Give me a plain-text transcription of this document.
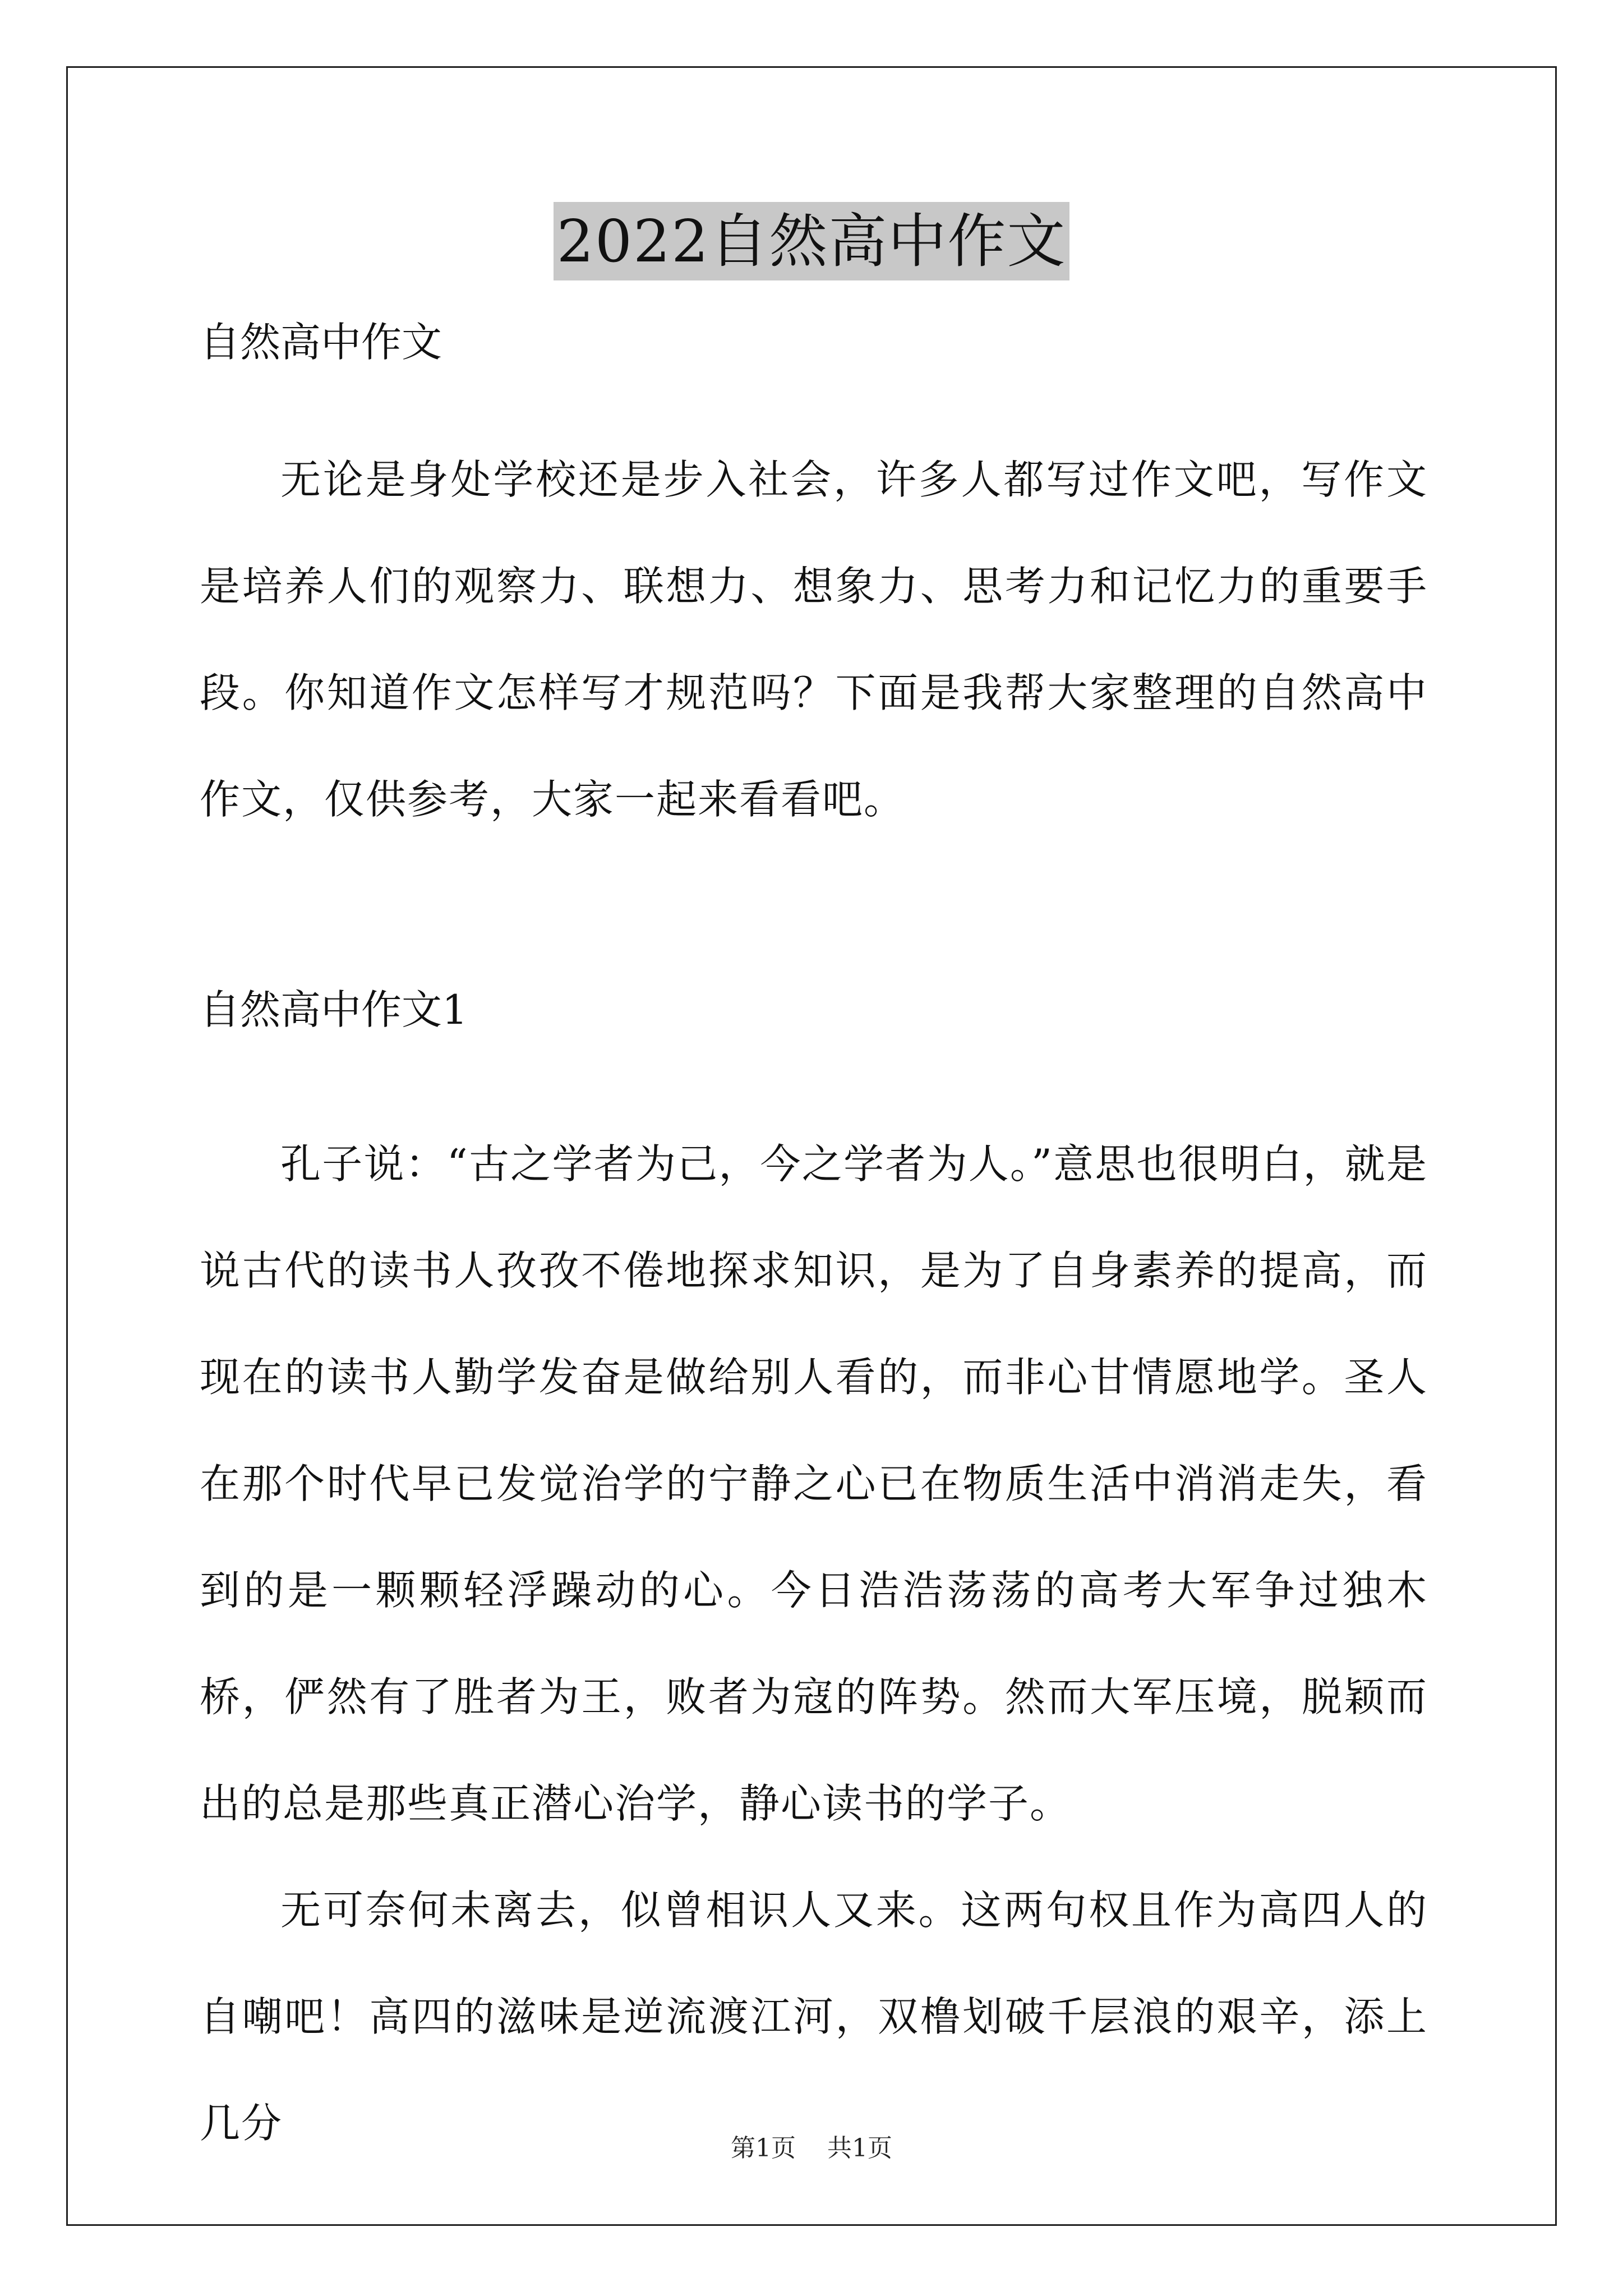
2022自然高中作文

自然高中作文

无论是身处学校还是步入社会，许多人都写过作文吧，写作文是培养人们的观察力、联想力、想象力、思考力和记忆力的重要手段。你知道作文怎样写才规范吗？下面是我帮大家整理的自然高中作文，仅供参考，大家一起来看看吧。

自然高中作文1

孔子说：“古之学者为己，今之学者为人。”意思也很明白，就是说古代的读书人孜孜不倦地探求知识，是为了自身素养的提高，而现在的读书人勤学发奋是做给别人看的，而非心甘情愿地学。圣人在那个时代早已发觉治学的宁静之心已在物质生活中消消走失，看到的是一颗颗轻浮躁动的心。今日浩浩荡荡的高考大军争过独木桥，俨然有了胜者为王，败者为寇的阵势。然而大军压境，脱颖而出的总是那些真正潜心治学，静心读书的学子。

无可奈何未离去，似曾相识人又来。这两句权且作为高四人的自嘲吧！高四的滋味是逆流渡江河，双橹划破千层浪的艰辛，添上几分

第1页 共1页
